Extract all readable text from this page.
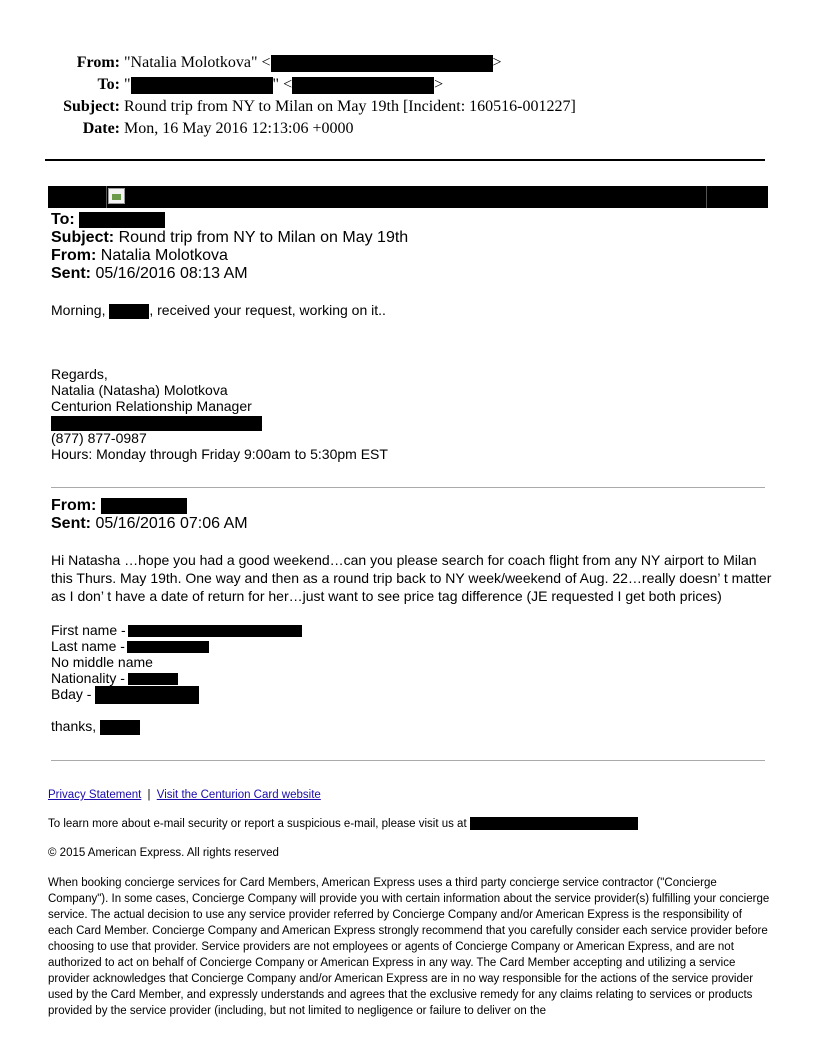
From: "Natalia Molotkova" <	>
To: "	" <	>
Subject: Round trip from NY to Milan on May 19th [Incident: 160516-001227]
Date: Mon, 16 May 2016 12:13:06 +0000
To:
Subject: Round trip from NY to Milan on May 19th
From: Natalia Molotkova
Sent: 05/16/2016 08:13 AM
Morning,	, received your request, working on it..
Regards,
Natalia (Natasha) Molotkova
Centurion Relationship Manager
(877) 877-0987
Hours: Monday through Friday 9:00am to 5:30pm EST
From:
Sent: 05/16/2016 07:06 AM
Hi Natasha …hope you had a good weekend…can you please search for coach flight from any NY airport to Milan
this Thurs. May 19th. One way and then as a round trip back to NY week/weekend of Aug. 22…really doesn’ t matter
as I don’ t have a date of return for her…just want to see price tag difference (JE requested I get both prices)
First name -
Last name -
No middle name
Nationality -
Bday -
thanks,
Privacy Statement | Visit the Centurion Card website
To learn more about e-mail security or report a suspicious e-mail, please visit us at
© 2015 American Express. All rights reserved
When booking concierge services for Card Members, American Express uses a third party concierge service contractor ("Concierge Company"). In some cases, Concierge Company will provide you with certain information about the service provider(s) fulfilling your concierge service. The actual decision to use any service provider referred by Concierge Company and/or American Express is the responsibility of each Card Member. Concierge Company and American Express strongly recommend that you carefully consider each service provider before choosing to use that provider. Service providers are not employees or agents of Concierge Company or American Express, and are not authorized to act on behalf of Concierge Company or American Express in any way. The Card Member accepting and utilizing a service provider acknowledges that Concierge Company and/or American Express are in no way responsible for the actions of the service provider used by the Card Member, and expressly understands and agrees that the exclusive remedy for any claims relating to services or products provided by the service provider (including, but not limited to negligence or failure to deliver on the
